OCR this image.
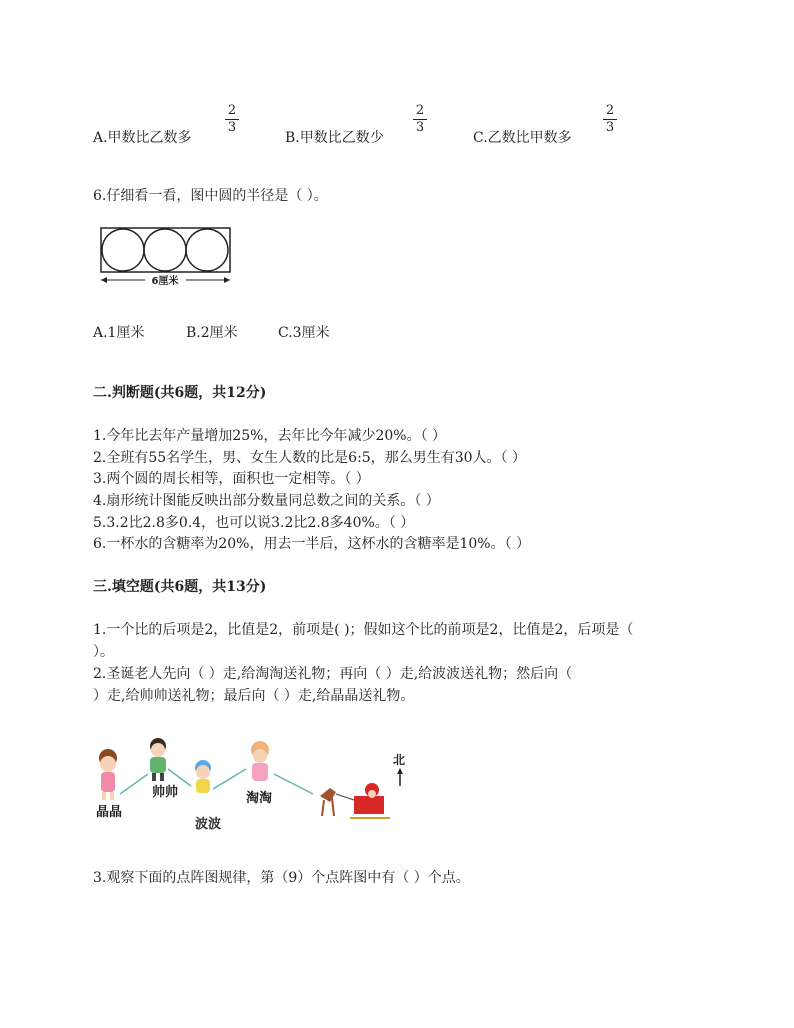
A.甲数比乙数多
2
3
B.甲数比乙数少
2
3
C.乙数比甲数多
2
3
6.仔细看一看，图中圆的半径是（ ）。
6厘米
A.1厘米	B.2厘米	C.3厘米
二.判断题(共6题，共12分)
1.今年比去年产量增加25%，去年比今年减少20%。（ ）
2.全班有55名学生，男、女生人数的比是6:5，那么男生有30人。（ ）
3.两个圆的周长相等，面积也一定相等。（ ）
4.扇形统计图能反映出部分数量同总数之间的关系。（ ）
5.3.2比2.8多0.4，也可以说3.2比2.8多40%。（ ）
6.一杯水的含糖率为20%，用去一半后，这杯水的含糖率是10%。（ ）
三.填空题(共6题，共13分)
1.一个比的后项是2，比值是2，前项是( )；假如这个比的前项是2，比值是2，后项是（
）。
2.圣诞老人先向（ ）走,给淘淘送礼物；再向（ ）走,给波波送礼物；然后向（
）走,给帅帅送礼物；最后向（ ）走,给晶晶送礼物。
晶晶
帅帅
波波
淘淘
北
3.观察下面的点阵图规律，第（9）个点阵图中有（ ）个点。
